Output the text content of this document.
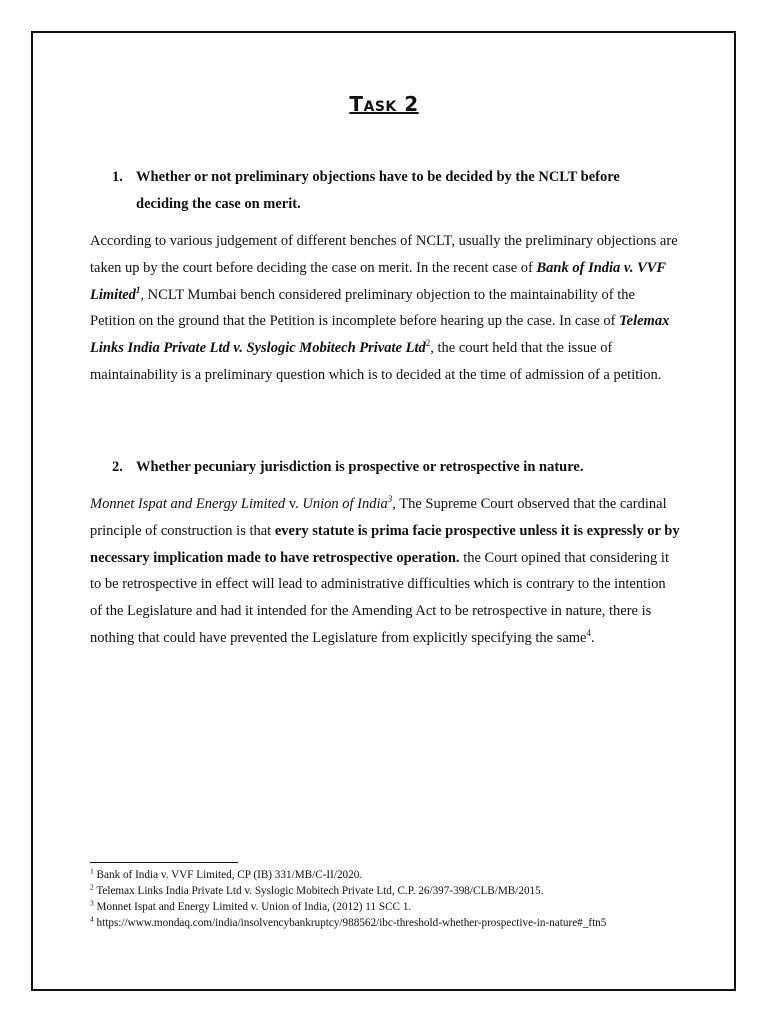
Task 2
1. Whether or not preliminary objections have to be decided by the NCLT before deciding the case on merit.
According to various judgement of different benches of NCLT, usually the preliminary objections are taken up by the court before deciding the case on merit. In the recent case of Bank of India v. VVF Limited$^1$, NCLT Mumbai bench considered preliminary objection to the maintainability of the Petition on the ground that the Petition is incomplete before hearing up the case. In case of Telemax Links India Private Ltd v. Syslogic Mobitech Private Ltd$^2$, the court held that the issue of maintainability is a preliminary question which is to decided at the time of admission of a petition.
2. Whether pecuniary jurisdiction is prospective or retrospective in nature.
Monnet Ispat and Energy Limited v. Union of India$^3$, The Supreme Court observed that the cardinal principle of construction is that every statute is prima facie prospective unless it is expressly or by necessary implication made to have retrospective operation. the Court opined that considering it to be retrospective in effect will lead to administrative difficulties which is contrary to the intention of the Legislature and had it intended for the Amending Act to be retrospective in nature, there is nothing that could have prevented the Legislature from explicitly specifying the same$^4$.
$^1$ Bank of India v. VVF Limited, CP (IB) 331/MB/C-II/2020.
$^2$ Telemax Links India Private Ltd v. Syslogic Mobitech Private Ltd, C.P. 26/397-398/CLB/MB/2015.
$^3$ Monnet Ispat and Energy Limited v. Union of India, (2012) 11 SCC 1.
$^4$ https://www.mondaq.com/india/insolvencybankruptcy/988562/ibc-threshold-whether-prospective-in-nature#_ftn5
